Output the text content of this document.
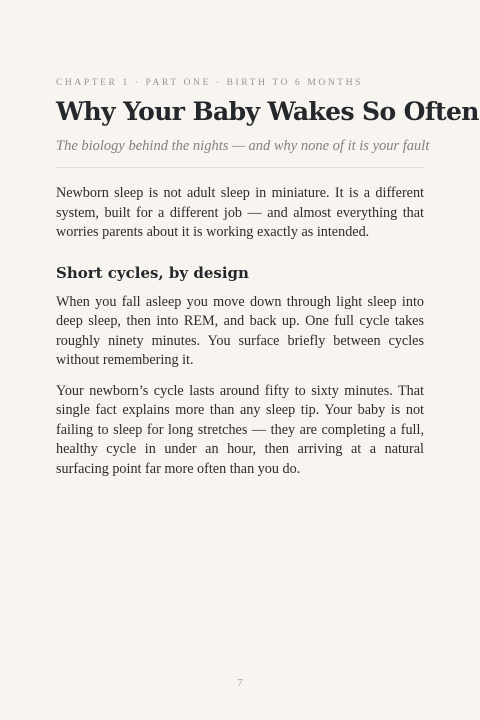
CHAPTER 1 · PART ONE · BIRTH TO 6 MONTHS

Why Your Baby Wakes So Often

The biology behind the nights — and why none of it is your fault

Newborn sleep is not adult sleep in miniature. It is a different system, built for a different job — and almost everything that worries parents about it is working exactly as intended.

Short cycles, by design

When you fall asleep you move down through light sleep into deep sleep, then into REM, and back up. One full cycle takes roughly ninety minutes. You surface briefly between cycles without remembering it.

Your newborn’s cycle lasts around fifty to sixty minutes. That single fact explains more than any sleep tip. Your baby is not failing to sleep for long stretches — they are completing a full, healthy cycle in under an hour, then arriving at a natural surfacing point far more often than you do.

7
